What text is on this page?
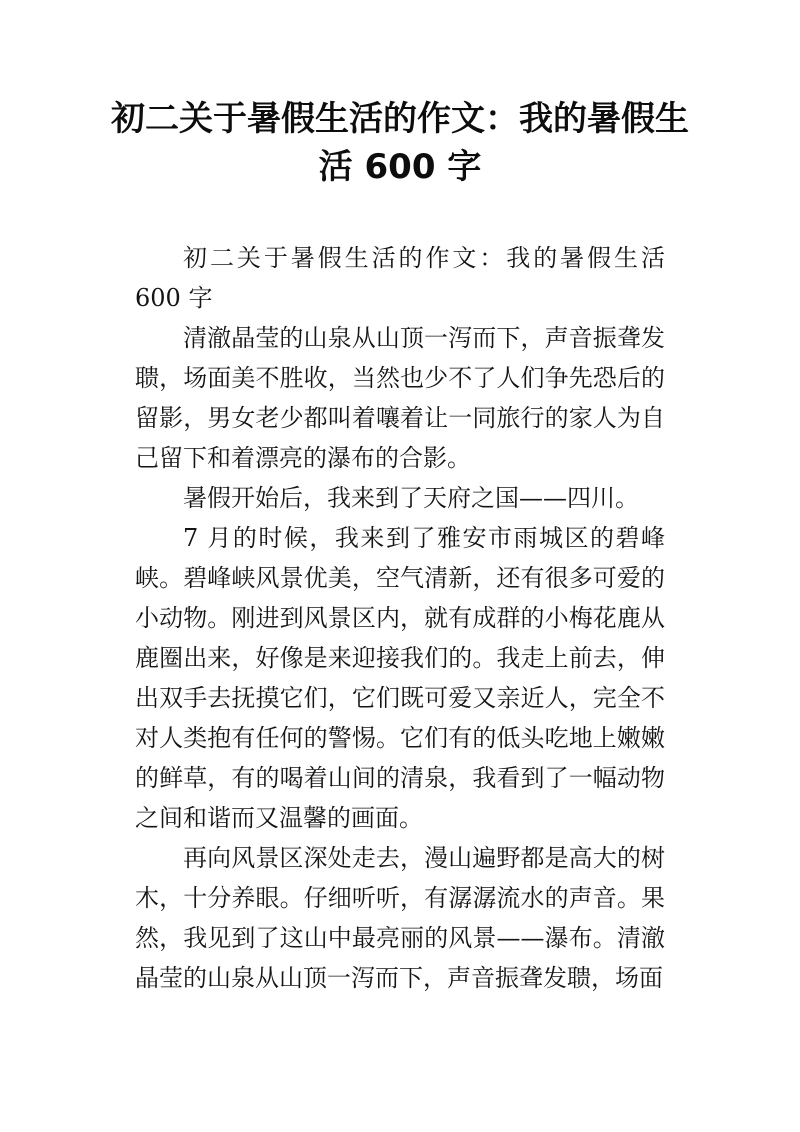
初二关于暑假生活的作文：我的暑假生活 600 字

初二关于暑假生活的作文：我的暑假生活 600 字

清澈晶莹的山泉从山顶一泻而下，声音振聋发聩，场面美不胜收，当然也少不了人们争先恐后的留影，男女老少都叫着嚷着让一同旅行的家人为自己留下和着漂亮的瀑布的合影。

暑假开始后，我来到了天府之国——四川。

7 月的时候，我来到了雅安市雨城区的碧峰峡。碧峰峡风景优美，空气清新，还有很多可爱的小动物。刚进到风景区内，就有成群的小梅花鹿从鹿圈出来，好像是来迎接我们的。我走上前去，伸出双手去抚摸它们，它们既可爱又亲近人，完全不对人类抱有任何的警惕。它们有的低头吃地上嫩嫩的鲜草，有的喝着山间的清泉，我看到了一幅动物之间和谐而又温馨的画面。

再向风景区深处走去，漫山遍野都是高大的树木，十分养眼。仔细听听，有潺潺流水的声音。果然，我见到了这山中最亮丽的风景——瀑布。清澈晶莹的山泉从山顶一泻而下，声音振聋发聩，场面
